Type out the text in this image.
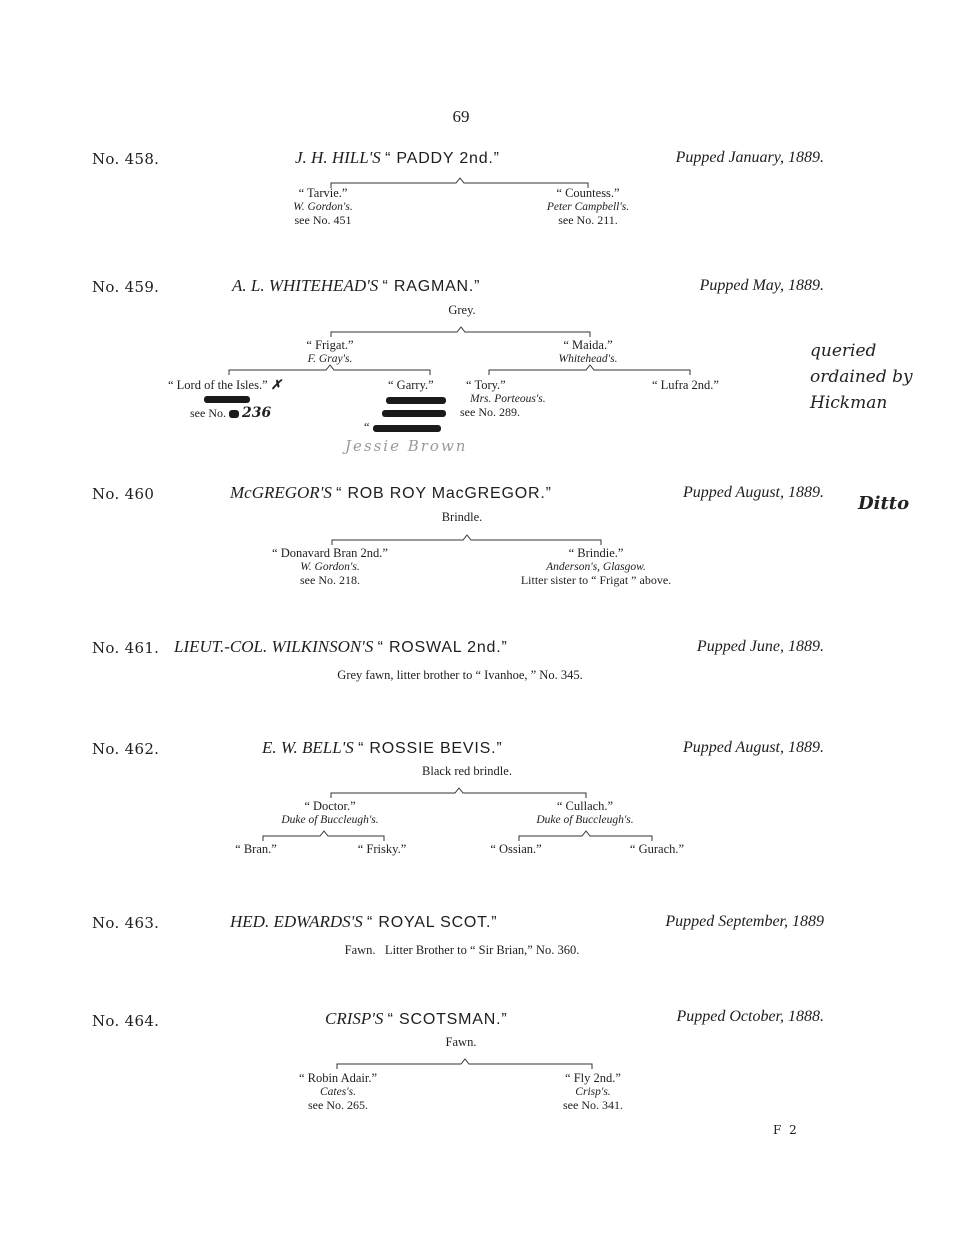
69
No. 458.	J. H. HILL'S “ PADDY 2nd.”	Pupped January, 1889.
“ Tarvie.”
W. Gordon's.
see No. 451
“ Countess.”
Peter Campbell's.
see No. 211.
No. 459.	A. L. WHITEHEAD'S “ RAGMAN.”	Pupped May, 1889.
Grey.
“ Frigat.”
F. Gray's.
“ Maida.”
Whitehead's.
“ Lord of the Isles.” ✗
see No. 236
“ Garry.”
“
“ Tory.”
Mrs. Porteous's.
see No. 289.
“ Lufra 2nd.”
Jessie Brown
queried ordained by Hickman
No. 460	McGREGOR'S “ ROB ROY MacGREGOR.”	Pupped August, 1889.
Brindle.
Ditto
“ Donavard Bran 2nd.”
W. Gordon's.
see No. 218.
“ Brindie.”
Anderson's, Glasgow.
Litter sister to “ Frigat ” above.
No. 461. LIEUT.-COL. WILKINSON'S “ ROSWAL 2nd.”	Pupped June, 1889.
Grey fawn, litter brother to “ Ivanhoe, ” No. 345.
No. 462.	E. W. BELL'S “ ROSSIE BEVIS.”	Pupped August, 1889.
Black red brindle.
“ Doctor.”
Duke of Buccleugh's.
“ Cullach.”
Duke of Buccleugh's.
“ Bran.”	“ Frisky.”	“ Ossian.”	“ Gurach.”
No. 463.	HED. EDWARDS'S “ ROYAL SCOT.”	Pupped September, 1889
Fawn.   Litter Brother to “ Sir Brian,” No. 360.
No. 464.	CRISP'S “ SCOTSMAN.”	Pupped October, 1888.
Fawn.
“ Robin Adair.”
Cates's.
see No. 265.
“ Fly 2nd.”
Crisp's.
see No. 341.
F 2
